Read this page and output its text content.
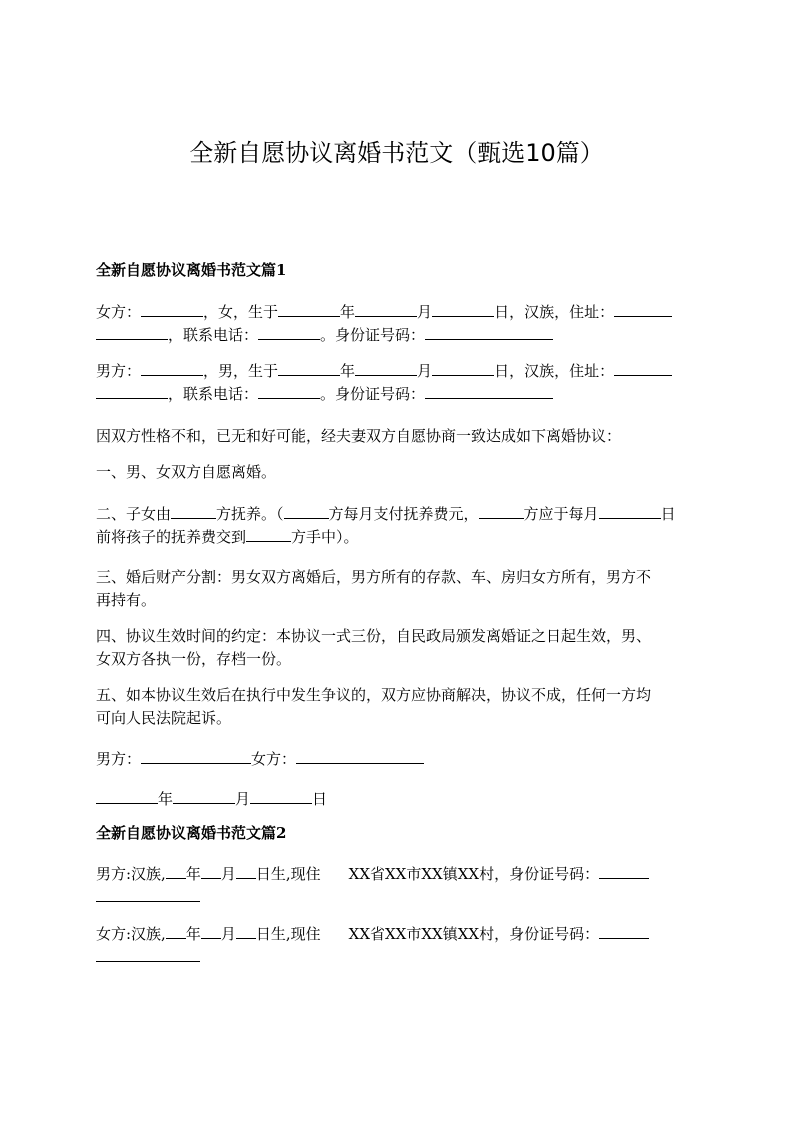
全新自愿协议离婚书范文（甄选10篇）
全新自愿协议离婚书范文篇1
女方：	，女，生于	年	月	日，汉族，住址：
，联系电话：	。身份证号码：
男方：	，男，生于	年	月	日，汉族，住址：
，联系电话：	。身份证号码：
因双方性格不和，已无和好可能，经夫妻双方自愿协商一致达成如下离婚协议：
一、男、女双方自愿离婚。
二、子女由	方抚养。（	方每月支付抚养费元，	方应于每月	日
前将孩子的抚养费交到	方手中）。
三、婚后财产分割：男女双方离婚后，男方所有的存款、车、房归女方所有，男方不
再持有。
四、协议生效时间的约定：本协议一式三份，自民政局颁发离婚证之日起生效，男、
女双方各执一份，存档一份。
五、如本协议生效后在执行中发生争议的，双方应协商解决，协议不成，任何一方均
可向人民法院起诉。
男方：	女方：
年	月	日
全新自愿协议离婚书范文篇2
男方:汉族, 年 月 日生,现住 XX省XX市XX镇XX村，身份证号码：
女方:汉族, 年 月 日生,现住 XX省XX市XX镇XX村，身份证号码：
